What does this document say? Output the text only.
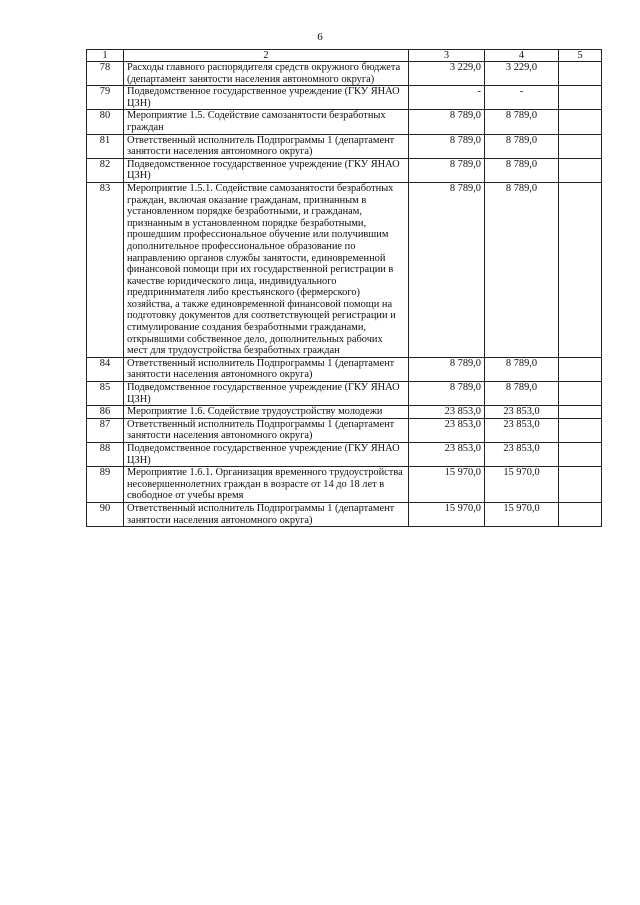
6
1	2	3	4	5
78	Расходы главного распорядителя средств окружного бюджета (департамент занятости населения автономного округа)	3 229,0	3 229,0	
79	Подведомственное государственное учреждение (ГКУ ЯНАО ЦЗН)	-	-	
80	Мероприятие 1.5. Содействие самозанятости безработных граждан	8 789,0	8 789,0	
81	Ответственный исполнитель Подпрограммы 1 (департамент занятости населения автономного округа)	8 789,0	8 789,0	
82	Подведомственное государственное учреждение (ГКУ ЯНАО ЦЗН)	8 789,0	8 789,0	
83	Мероприятие 1.5.1. Содействие самозанятости безработных граждан, включая оказание гражданам, признанным в установленном порядке безработными, и гражданам, признанным в установленном порядке безработными, прошедшим профессиональное обучение или получившим дополнительное профессиональное образование по направлению органов службы занятости, единовременной финансовой помощи при их государственной регистрации в качестве юридического лица, индивидуального предпринимателя либо крестьянского (фермерского) хозяйства, а также единовременной финансовой помощи на подготовку документов для соответствующей регистрации и стимулирование создания безработными гражданами, открывшими собственное дело, дополнительных рабочих мест для трудоустройства безработных граждан	8 789,0	8 789,0	
84	Ответственный исполнитель Подпрограммы 1 (департамент занятости населения автономного округа)	8 789,0	8 789,0	
85	Подведомственное государственное учреждение (ГКУ ЯНАО ЦЗН)	8 789,0	8 789,0	
86	Мероприятие 1.6. Содействие трудоустройству молодежи	23 853,0	23 853,0	
87	Ответственный исполнитель Подпрограммы 1 (департамент занятости населения автономного округа)	23 853,0	23 853,0	
88	Подведомственное государственное учреждение (ГКУ ЯНАО ЦЗН)	23 853,0	23 853,0	
89	Мероприятие 1.6.1. Организация временного трудоустройства несовершеннолетних граждан в возрасте от 14 до 18 лет в свободное от учебы время	15 970,0	15 970,0	
90	Ответственный исполнитель Подпрограммы 1 (департамент занятости населения автономного округа)	15 970,0	15 970,0	
